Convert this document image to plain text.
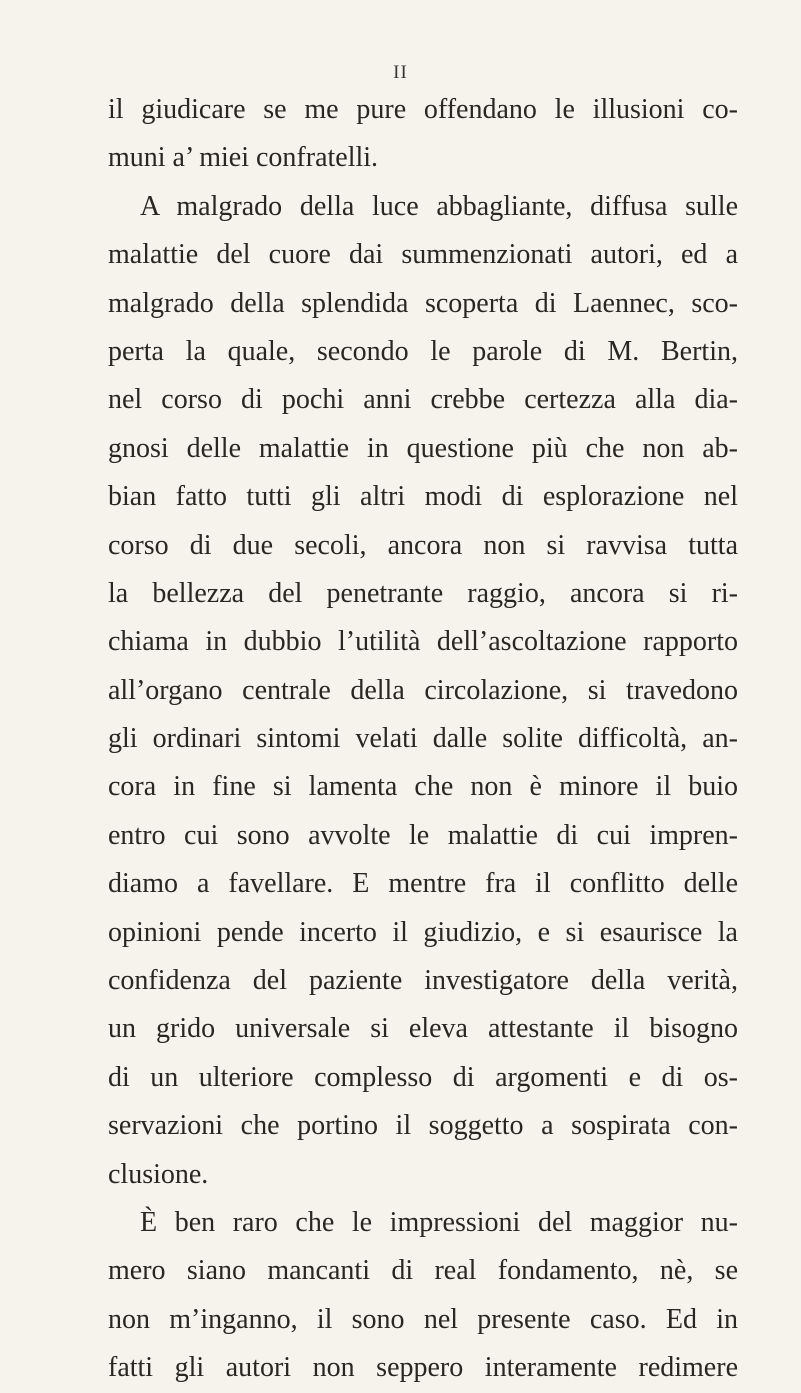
II
il giudicare se me pure offendano le illusioni co-
muni a’ miei confratelli.
A malgrado della luce abbagliante, diffusa sulle
malattie del cuore dai summenzionati autori, ed a
malgrado della splendida scoperta di Laennec, sco-
perta la quale, secondo le parole di M. Bertin,
nel corso di pochi anni crebbe certezza alla dia-
gnosi delle malattie in questione più che non ab-
bian fatto tutti gli altri modi di esplorazione nel
corso di due secoli, ancora non si ravvisa tutta
la bellezza del penetrante raggio, ancora si ri-
chiama in dubbio l’utilità dell’ascoltazione rapporto
all’organo centrale della circolazione, si travedono
gli ordinari sintomi velati dalle solite difficoltà, an-
cora in fine si lamenta che non è minore il buio
entro cui sono avvolte le malattie di cui impren-
diamo a favellare. E mentre fra il conflitto delle
opinioni pende incerto il giudizio, e si esaurisce la
confidenza del paziente investigatore della verità,
un grido universale si eleva attestante il bisogno
di un ulteriore complesso di argomenti e di os-
servazioni che portino il soggetto a sospirata con-
clusione.
È ben raro che le impressioni del maggior nu-
mero siano mancanti di real fondamento, nè, se
non m’inganno, il sono nel presente caso. Ed in
fatti gli autori non seppero interamente redimere
